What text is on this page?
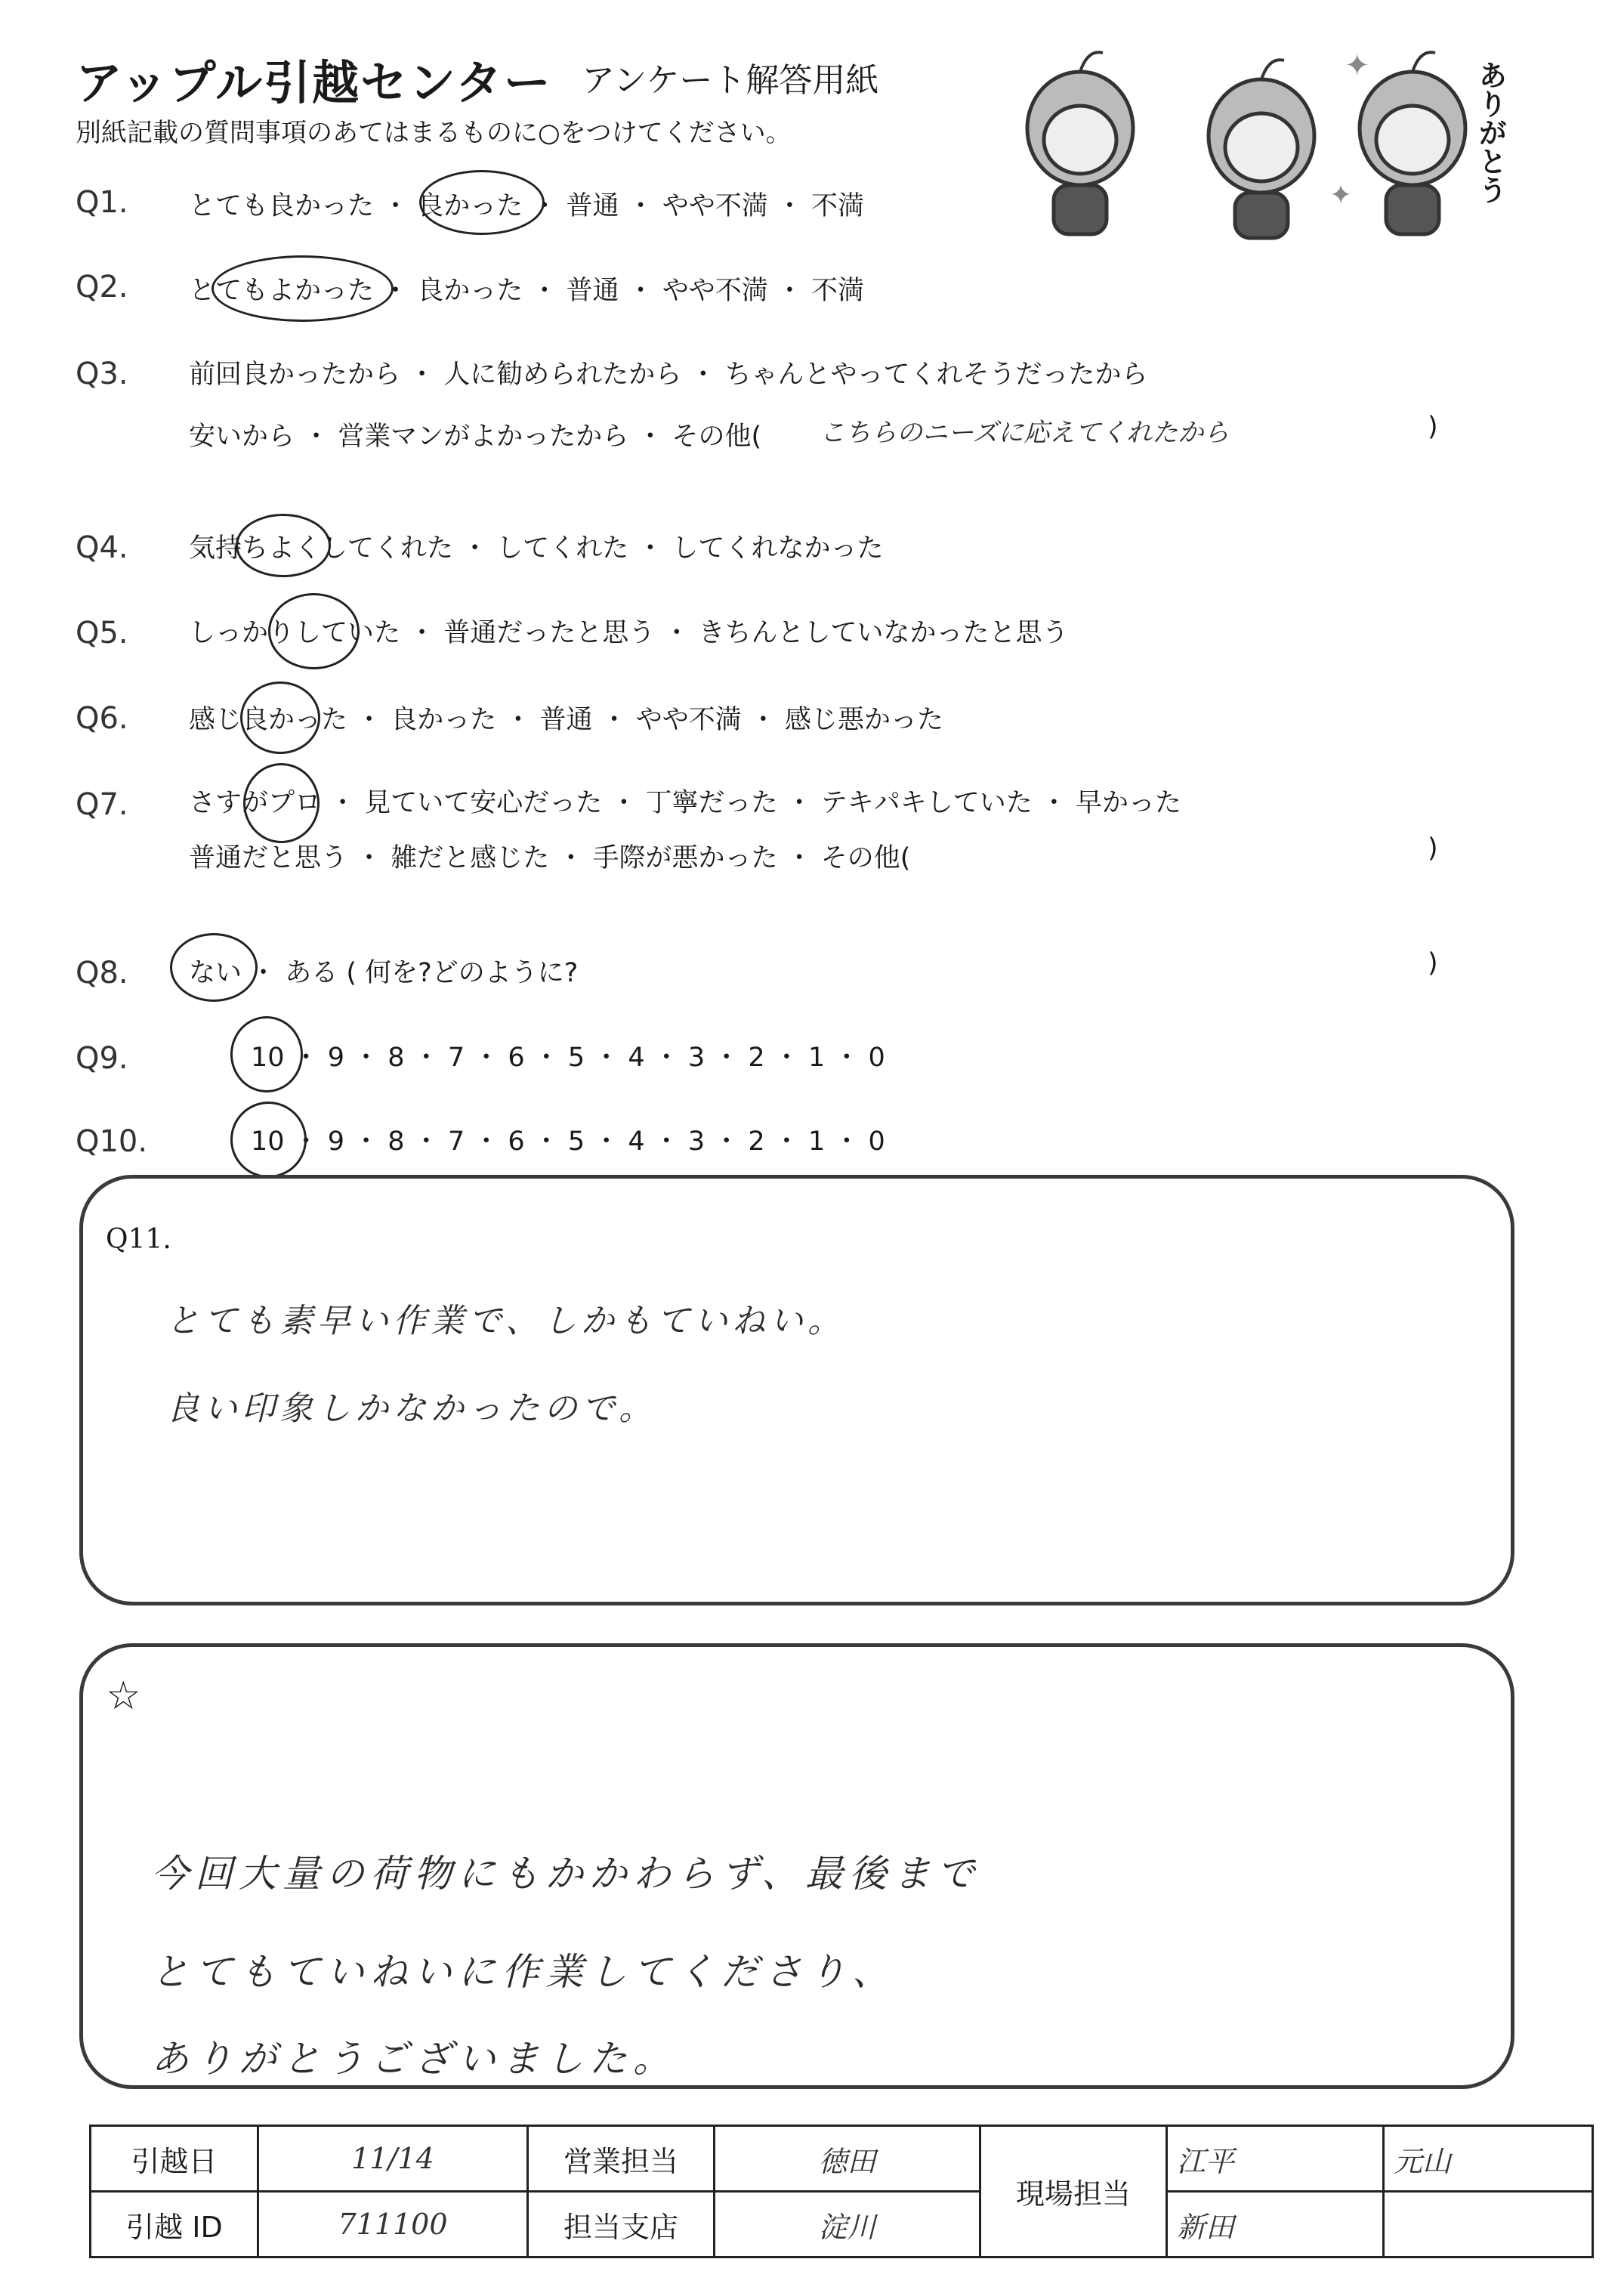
アップル引越センター アンケート解答用紙
別紙記載の質問事項のあてはまるものに○をつけてください。
✦
✦	ありがとう
Q1. とても良かった ・ 良かった ・ 普通 ・ やや不満 ・ 不満
Q2. とてもよかった ・ 良かった ・ 普通 ・ やや不満 ・ 不満
Q3. 前回良かったから ・ 人に勧められたから ・ ちゃんとやってくれそうだったから
安いから ・ 営業マンがよかったから ・ その他( こちらのニーズに応えてくれたから	)
Q4. 気持ちよくしてくれた ・ してくれた ・ してくれなかった
Q5. しっかりしていた ・ 普通だったと思う ・ きちんとしていなかったと思う
Q6. 感じ良かった ・ 良かった ・ 普通 ・ やや不満 ・ 感じ悪かった
Q7. さすがプロ ・ 見ていて安心だった ・ 丁寧だった ・ テキパキしていた ・ 早かった
普通だと思う ・ 雑だと感じた ・ 手際が悪かった ・ その他(	)
Q8. ない ・ ある ( 何を?どのように?	)
Q9.	10 ・ 9 ・ 8 ・ 7 ・ 6 ・ 5 ・ 4 ・ 3 ・ 2 ・ 1 ・ 0
Q10.	10 ・ 9 ・ 8 ・ 7 ・ 6 ・ 5 ・ 4 ・ 3 ・ 2 ・ 1 ・ 0
Q11.
とても素早い作業で、しかもていねい。
良い印象しかなかったので。
☆
今回大量の荷物にもかかわらず、最後まで
とてもていねいに作業してくださり、
ありがとうございました。
引越日	11/14	営業担当	徳田	現場担当	江平	元山
引越 ID	711100	担当支店	淀川		新田	
